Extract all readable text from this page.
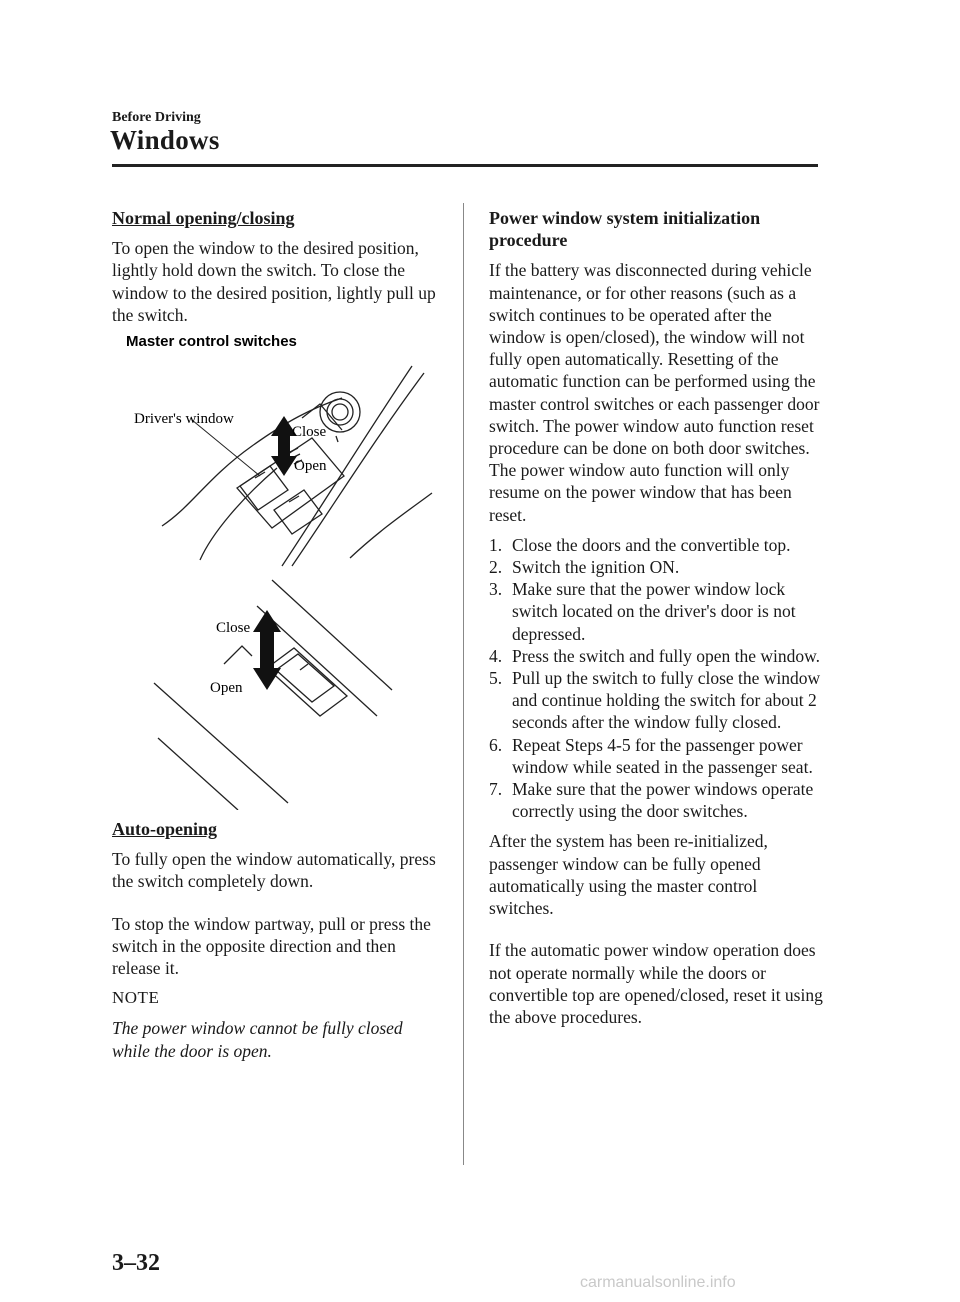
Before Driving
Windows

Normal opening/closing

To open the window to the desired position, lightly hold down the switch. To close the window to the desired position, lightly pull up the switch.

Master control switches
Driver's window
Close
Open
Close
Open

Auto-opening

To fully open the window automatically, press the switch completely down.

To stop the window partway, pull or press the switch in the opposite direction and then release it.

NOTE

The power window cannot be fully closed while the door is open.

Power window system initialization procedure

If the battery was disconnected during vehicle maintenance, or for other reasons (such as a switch continues to be operated after the window is open/closed), the window will not fully open automatically. Resetting of the automatic function can be performed using the master control switches or each passenger door switch. The power window auto function reset procedure can be done on both door switches. The power window auto function will only resume on the power window that has been reset.

1. Close the doors and the convertible top.
2. Switch the ignition ON.
3. Make sure that the power window lock switch located on the driver's door is not depressed.
4. Press the switch and fully open the window.
5. Pull up the switch to fully close the window and continue holding the switch for about 2 seconds after the window fully closed.
6. Repeat Steps 4-5 for the passenger power window while seated in the passenger seat.
7. Make sure that the power windows operate correctly using the door switches.

After the system has been re-initialized, passenger window can be fully opened automatically using the master control switches.

If the automatic power window operation does not operate normally while the doors or convertible top are opened/closed, reset it using the above procedures.

3–32
carmanualsonline.info
